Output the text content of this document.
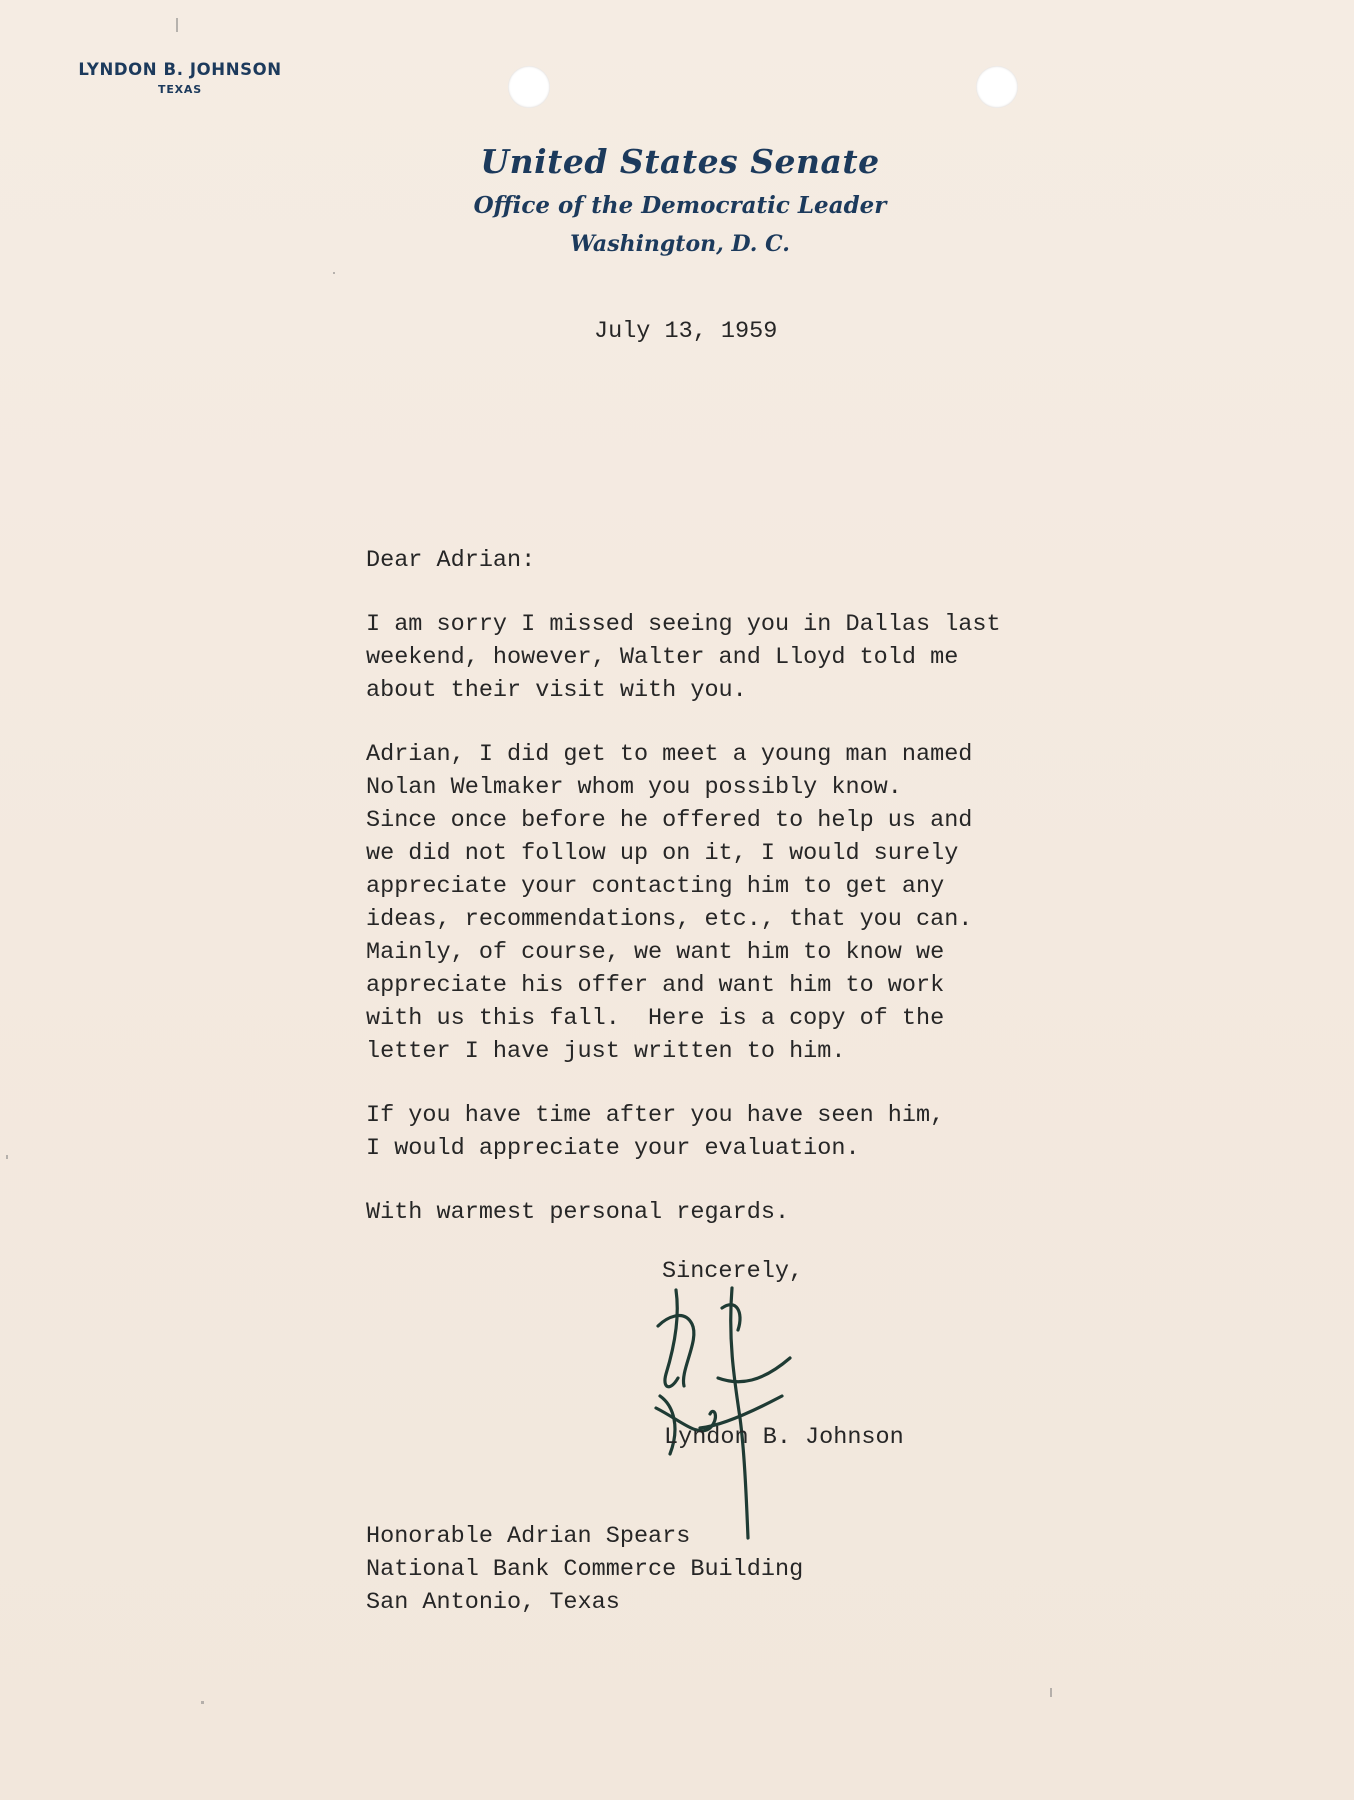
LYNDON B. JOHNSON
TEXAS
United States Senate
Office of the Democratic Leader
Washington, D. C.
July 13, 1959

Dear Adrian:

I am sorry I missed seeing you in Dallas last
weekend, however, Walter and Lloyd told me
about their visit with you.

Adrian, I did get to meet a young man named
Nolan Welmaker whom you possibly know.
Since once before he offered to help us and
we did not follow up on it, I would surely
appreciate your contacting him to get any
ideas, recommendations, etc., that you can.
Mainly, of course, we want him to know we
appreciate his offer and want him to work
with us this fall.  Here is a copy of the
letter I have just written to him.

If you have time after you have seen him,
I would appreciate your evaluation.

With warmest personal regards.

Sincerely,
Lyndon B. Johnson
Honorable Adrian Spears
National Bank Commerce Building
San Antonio, Texas
